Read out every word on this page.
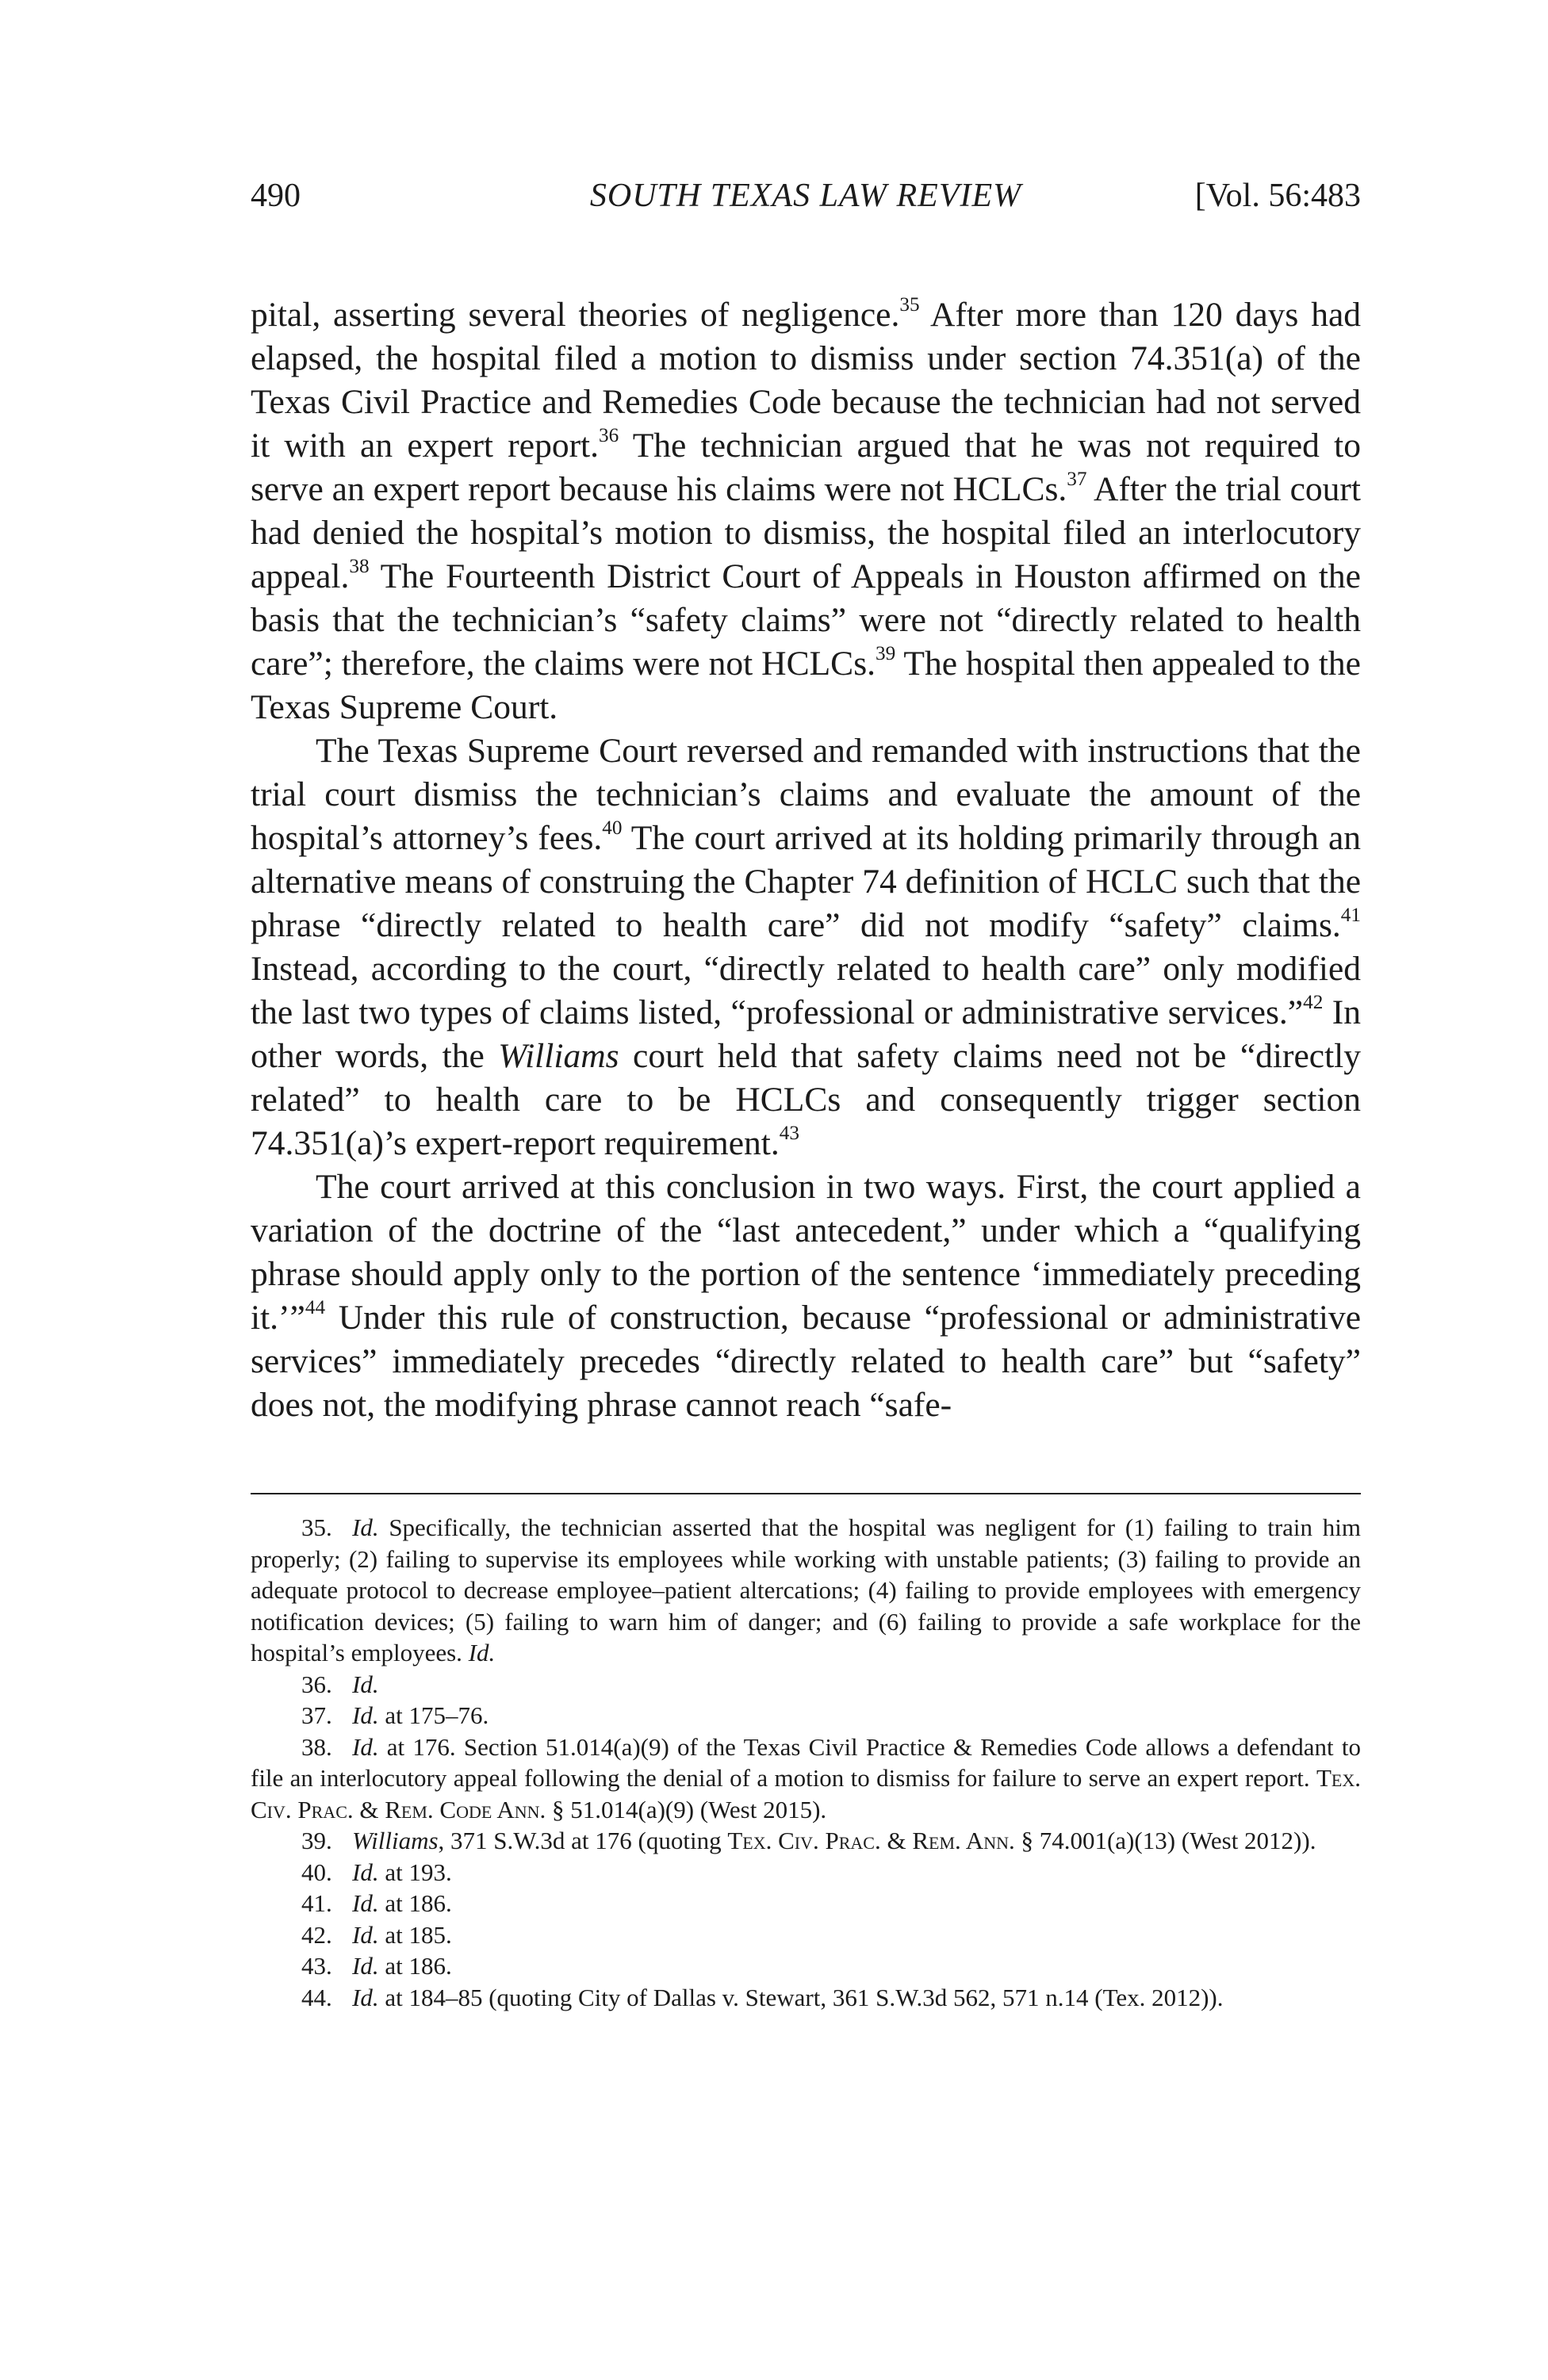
490	SOUTH TEXAS LAW REVIEW	[Vol. 56:483

pital, asserting several theories of negligence.$^{35}$ After more than 120 days had elapsed, the hospital filed a motion to dismiss under section 74.351(a) of the Texas Civil Practice and Remedies Code because the technician had not served it with an expert report.$^{36}$ The technician argued that he was not required to serve an expert report because his claims were not HCLCs.$^{37}$ After the trial court had denied the hospital’s motion to dismiss, the hospital filed an interlocutory appeal.$^{38}$ The Fourteenth District Court of Appeals in Houston affirmed on the basis that the technician’s “safety claims” were not “directly related to health care”; therefore, the claims were not HCLCs.$^{39}$ The hospital then appealed to the Texas Supreme Court.

The Texas Supreme Court reversed and remanded with instructions that the trial court dismiss the technician’s claims and evaluate the amount of the hospital’s attorney’s fees.$^{40}$ The court arrived at its holding primarily through an alternative means of construing the Chapter 74 definition of HCLC such that the phrase “directly related to health care” did not modify “safety” claims.$^{41}$ Instead, according to the court, “directly related to health care” only modified the last two types of claims listed, “professional or administrative services.”$^{42}$ In other words, the Williams court held that safety claims need not be “directly related” to health care to be HCLCs and consequently trigger section 74.351(a)’s expert-report requirement.$^{43}$

The court arrived at this conclusion in two ways. First, the court applied a variation of the doctrine of the “last antecedent,” under which a “qualifying phrase should apply only to the portion of the sentence ‘immediately preceding it.’”$^{44}$ Under this rule of construction, because “professional or administrative services” immediately precedes “directly related to health care” but “safety” does not, the modifying phrase cannot reach “safe-

35. Id. Specifically, the technician asserted that the hospital was negligent for (1) failing to train him properly; (2) failing to supervise its employees while working with unstable patients; (3) failing to provide an adequate protocol to decrease employee–patient altercations; (4) failing to provide employees with emergency notification devices; (5) failing to warn him of danger; and (6) failing to provide a safe workplace for the hospital’s employees. Id.

36. Id.

37. Id. at 175–76.

38. Id. at 176. Section 51.014(a)(9) of the Texas Civil Practice & Remedies Code allows a defendant to file an interlocutory appeal following the denial of a motion to dismiss for failure to serve an expert report. Tex. Civ. Prac. & Rem. Code Ann. § 51.014(a)(9) (West 2015).

39. Williams, 371 S.W.3d at 176 (quoting Tex. Civ. Prac. & Rem. Ann. § 74.001(a)(13) (West 2012)).

40. Id. at 193.

41. Id. at 186.

42. Id. at 185.

43. Id. at 186.

44. Id. at 184–85 (quoting City of Dallas v. Stewart, 361 S.W.3d 562, 571 n.14 (Tex. 2012)).
